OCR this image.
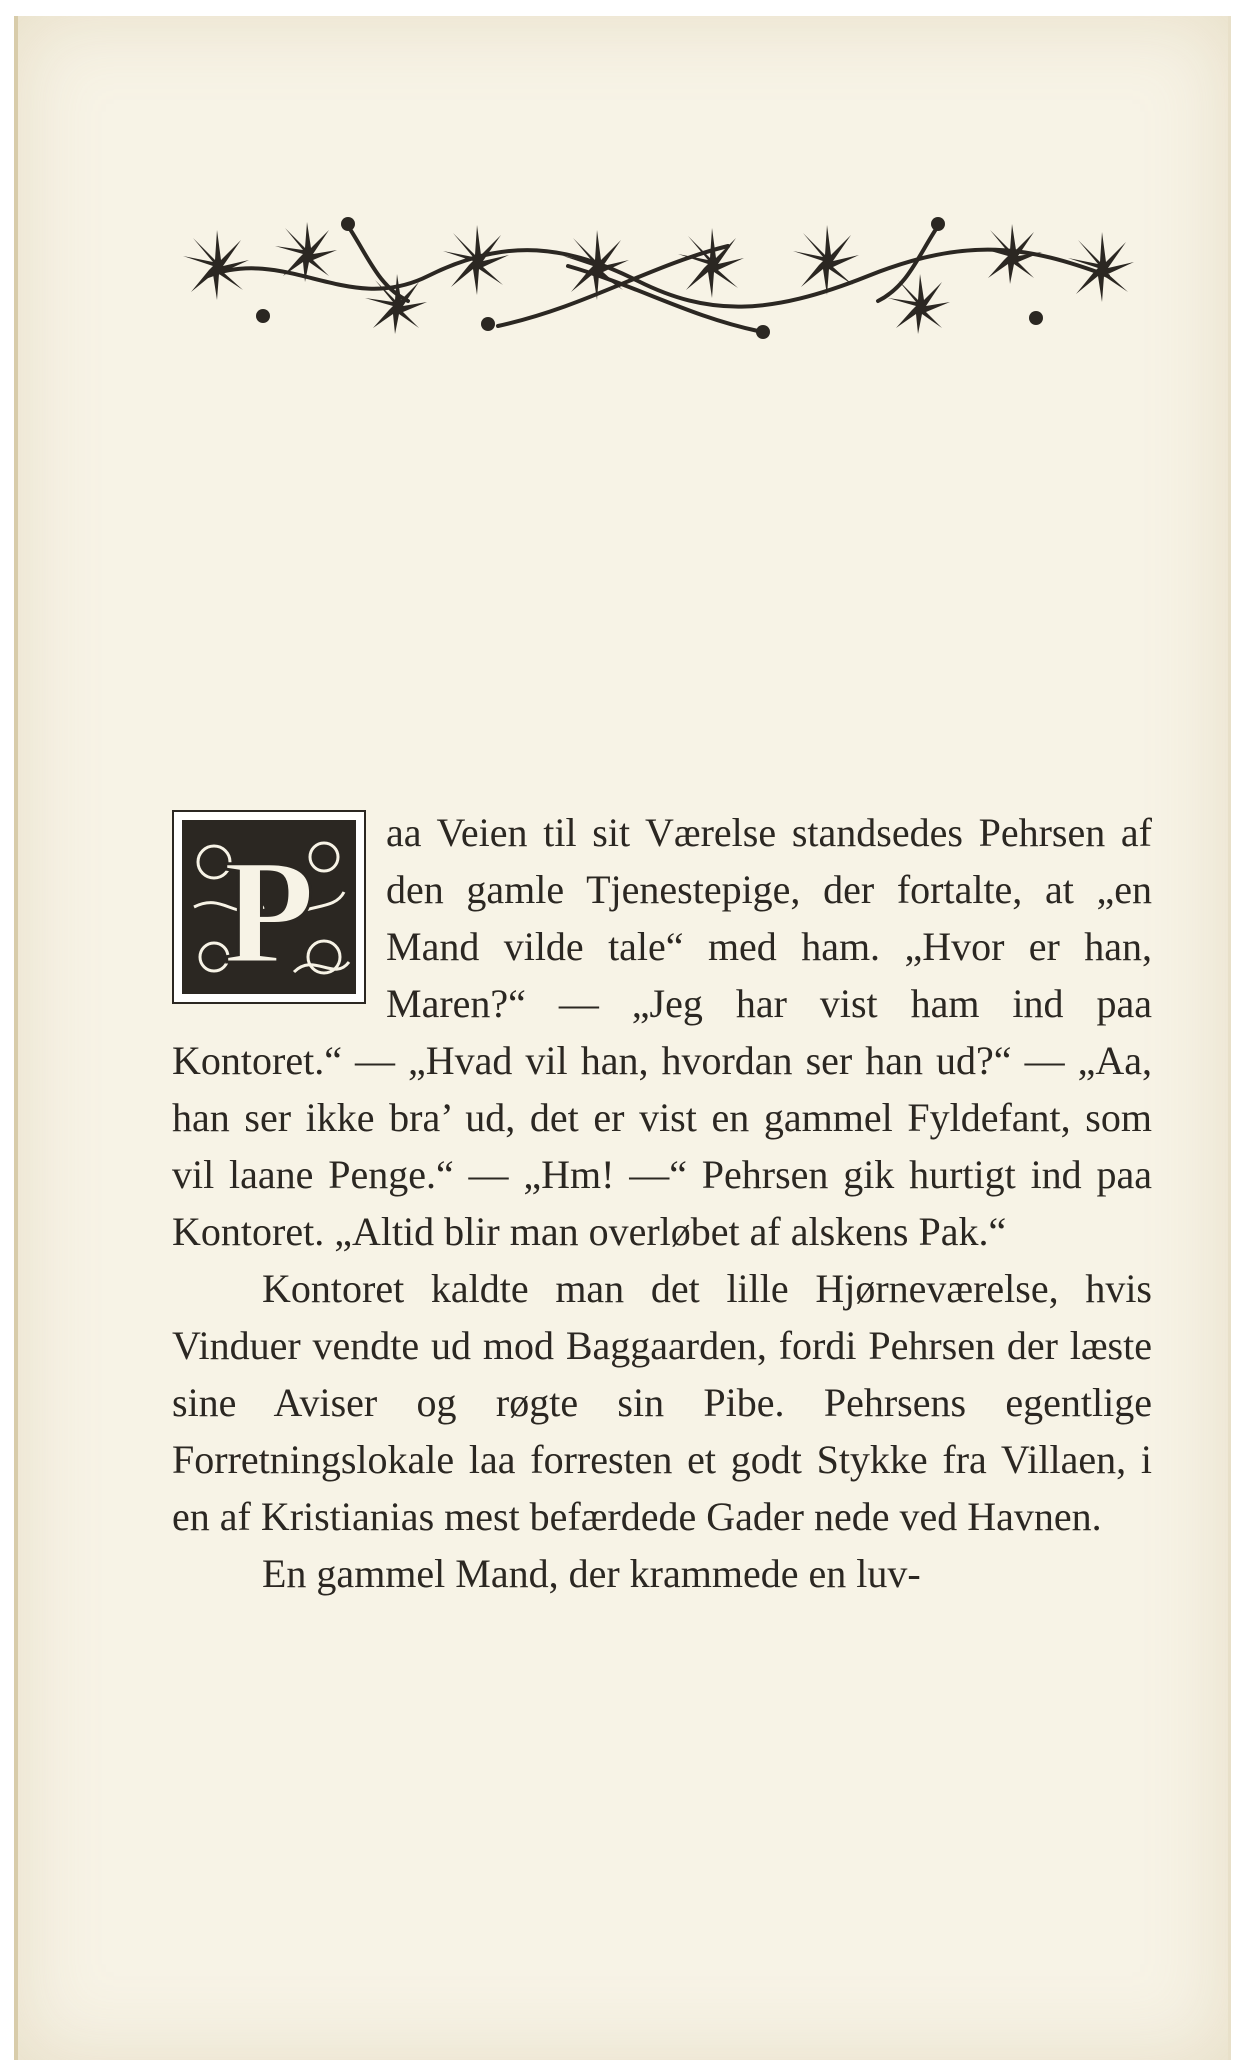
P	aa Veien til sit Værelse standsedes Pehrsen af den gamle Tjenestepige, der fortalte, at „en Mand vilde tale“ med ham. „Hvor er han, Maren?“ — „Jeg har vist ham ind paa Kontoret.“ — „Hvad vil han, hvordan ser han ud?“ — „Aa, han ser ikke bra’ ud, det er vist en gammel Fyldefant, som vil laane Penge.“ — „Hm! —“ Pehrsen gik hurtigt ind paa Kontoret. „Altid blir man overløbet af alskens Pak.“

Kontoret kaldte man det lille Hjørneværelse, hvis Vinduer vendte ud mod Baggaarden, fordi Pehrsen der læste sine Aviser og røgte sin Pibe. Pehrsens egentlige Forretningslokale laa forresten et godt Stykke fra Villaen, i en af Kristianias mest befærdede Gader nede ved Havnen.

En gammel Mand, der krammede en luv-
